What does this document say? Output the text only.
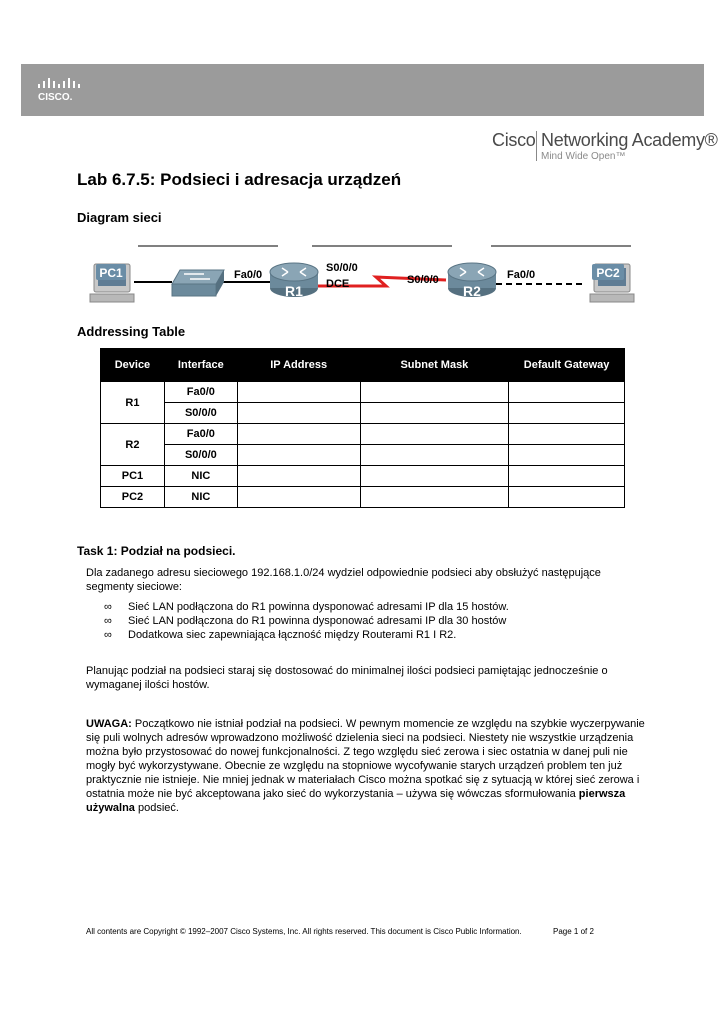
CISCO.
Cisco Networking Academy®
Mind Wide Open™
Lab 6.7.5: Podsieci i adresacja urządzeń
Diagram sieci
PC1
R1	R2
PC2
Fa0/0
S0/0/0
DCE	S0/0/0	Fa0/0
Addressing Table
Device	Interface	IP Address	Subnet Mask	Default Gateway
R1	Fa0/0			
	S0/0/0			
R2	Fa0/0			
	S0/0/0			
PC1	NIC			
PC2	NIC			
Task 1: Podział na podsieci.

Dla zadanego adresu sieciowego 192.168.1.0/24 wydziel odpowiednie podsieci aby obsłużyć następujące segmenty sieciowe:

∞ Sieć LAN podłączona do R1 powinna dysponować adresami IP dla 15 hostów.
∞ Sieć LAN podłączona do R1 powinna dysponować adresami IP dla 30 hostów
∞ Dodatkowa siec zapewniająca łączność między Routerami R1 I R2.

Planując podział na podsieci staraj się dostosować do minimalnej ilości podsieci pamiętając jednocześnie o wymaganej ilości hostów.

UWAGA: Początkowo nie istniał podział na podsieci. W pewnym momencie ze względu na szybkie wyczerpywanie się puli wolnych adresów wprowadzono możliwość dzielenia sieci na podsieci. Niestety nie wszystkie urządzenia można było przystosować do nowej funkcjonalności. Z tego względu sieć zerowa i siec ostatnia w danej puli nie mogły być wykorzystywane. Obecnie ze względu na stopniowe wycofywanie starych urządzeń problem ten już praktycznie nie istnieje. Nie mniej jednak w materiałach Cisco można spotkać się z sytuacją w której sieć zerowa i ostatnia może nie być akceptowana jako sieć do wykorzystania – używa się wówczas sformułowania pierwsza używalna podsieć.

All contents are Copyright © 1992–2007 Cisco Systems, Inc. All rights reserved. This document is Cisco Public Information.	Page 1 of 2
